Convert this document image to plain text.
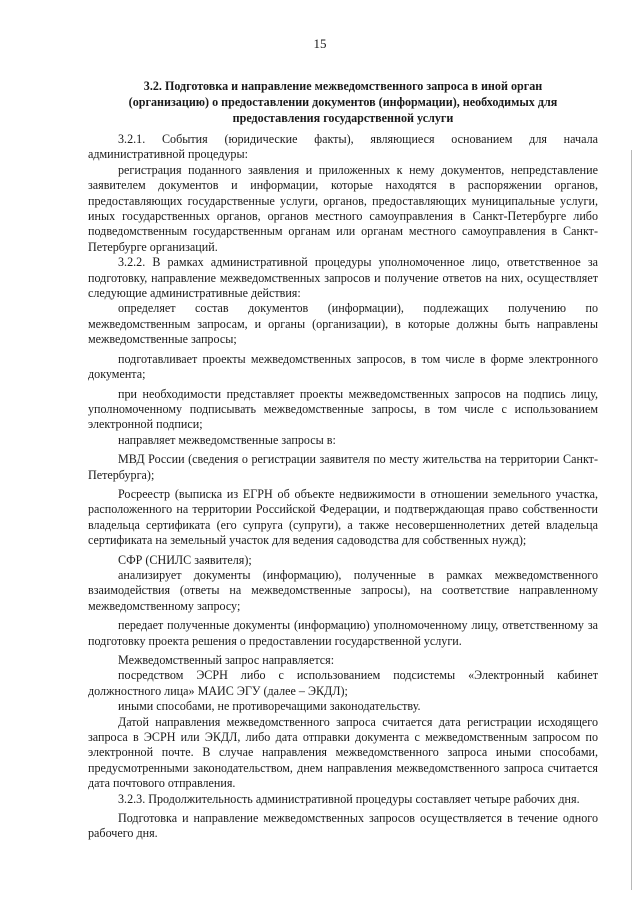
15
3.2. Подготовка и направление межведомственного запроса в иной орган (организацию) о предоставлении документов (информации), необходимых для предоставления государственной услуги

3.2.1. События (юридические факты), являющиеся основанием для начала административной процедуры:

регистрация поданного заявления и приложенных к нему документов, непредставление заявителем документов и информации, которые находятся в распоряжении органов, предоставляющих государственные услуги, органов, предоставляющих муниципальные услуги, иных государственных органов, органов местного самоуправления в Санкт-Петербурге либо подведомственным государственным органам или органам местного самоуправления в Санкт-Петербурге организаций.

3.2.2. В рамках административной процедуры уполномоченное лицо, ответственное за подготовку, направление межведомственных запросов и получение ответов на них, осуществляет следующие административные действия:

определяет состав документов (информации), подлежащих получению по межведомственным запросам, и органы (организации), в которые должны быть направлены межведомственные запросы;

подготавливает проекты межведомственных запросов, в том числе в форме электронного документа;

при необходимости представляет проекты межведомственных запросов на подпись лицу, уполномоченному подписывать межведомственные запросы, в том числе с использованием электронной подписи;

направляет межведомственные запросы в:

МВД России (сведения о регистрации заявителя по месту жительства на территории Санкт-Петербурга);

Росреестр (выписка из ЕГРН об объекте недвижимости в отношении земельного участка, расположенного на территории Российской Федерации, и подтверждающая право собственности владельца сертификата (его супруга (супруги), а также несовершеннолетних детей владельца сертификата на земельный участок для ведения садоводства для собственных нужд);

СФР (СНИЛС заявителя);

анализирует документы (информацию), полученные в рамках межведомственного взаимодействия (ответы на межведомственные запросы), на соответствие направленному межведомственному запросу;

передает полученные документы (информацию) уполномоченному лицу, ответственному за подготовку проекта решения о предоставлении государственной услуги.

Межведомственный запрос направляется:

посредством ЭСРН либо с использованием подсистемы «Электронный кабинет должностного лица» МАИС ЭГУ (далее – ЭКДЛ);

иными способами, не противоречащими законодательству.

Датой направления межведомственного запроса считается дата регистрации исходящего запроса в ЭСРН или ЭКДЛ, либо дата отправки документа с межведомственным запросом по электронной почте. В случае направления межведомственного запроса иными способами, предусмотренными законодательством, днем направления межведомственного запроса считается дата почтового отправления.

3.2.3. Продолжительность административной процедуры составляет четыре рабочих дня.

Подготовка и направление межведомственных запросов осуществляется в течение одного рабочего дня.
